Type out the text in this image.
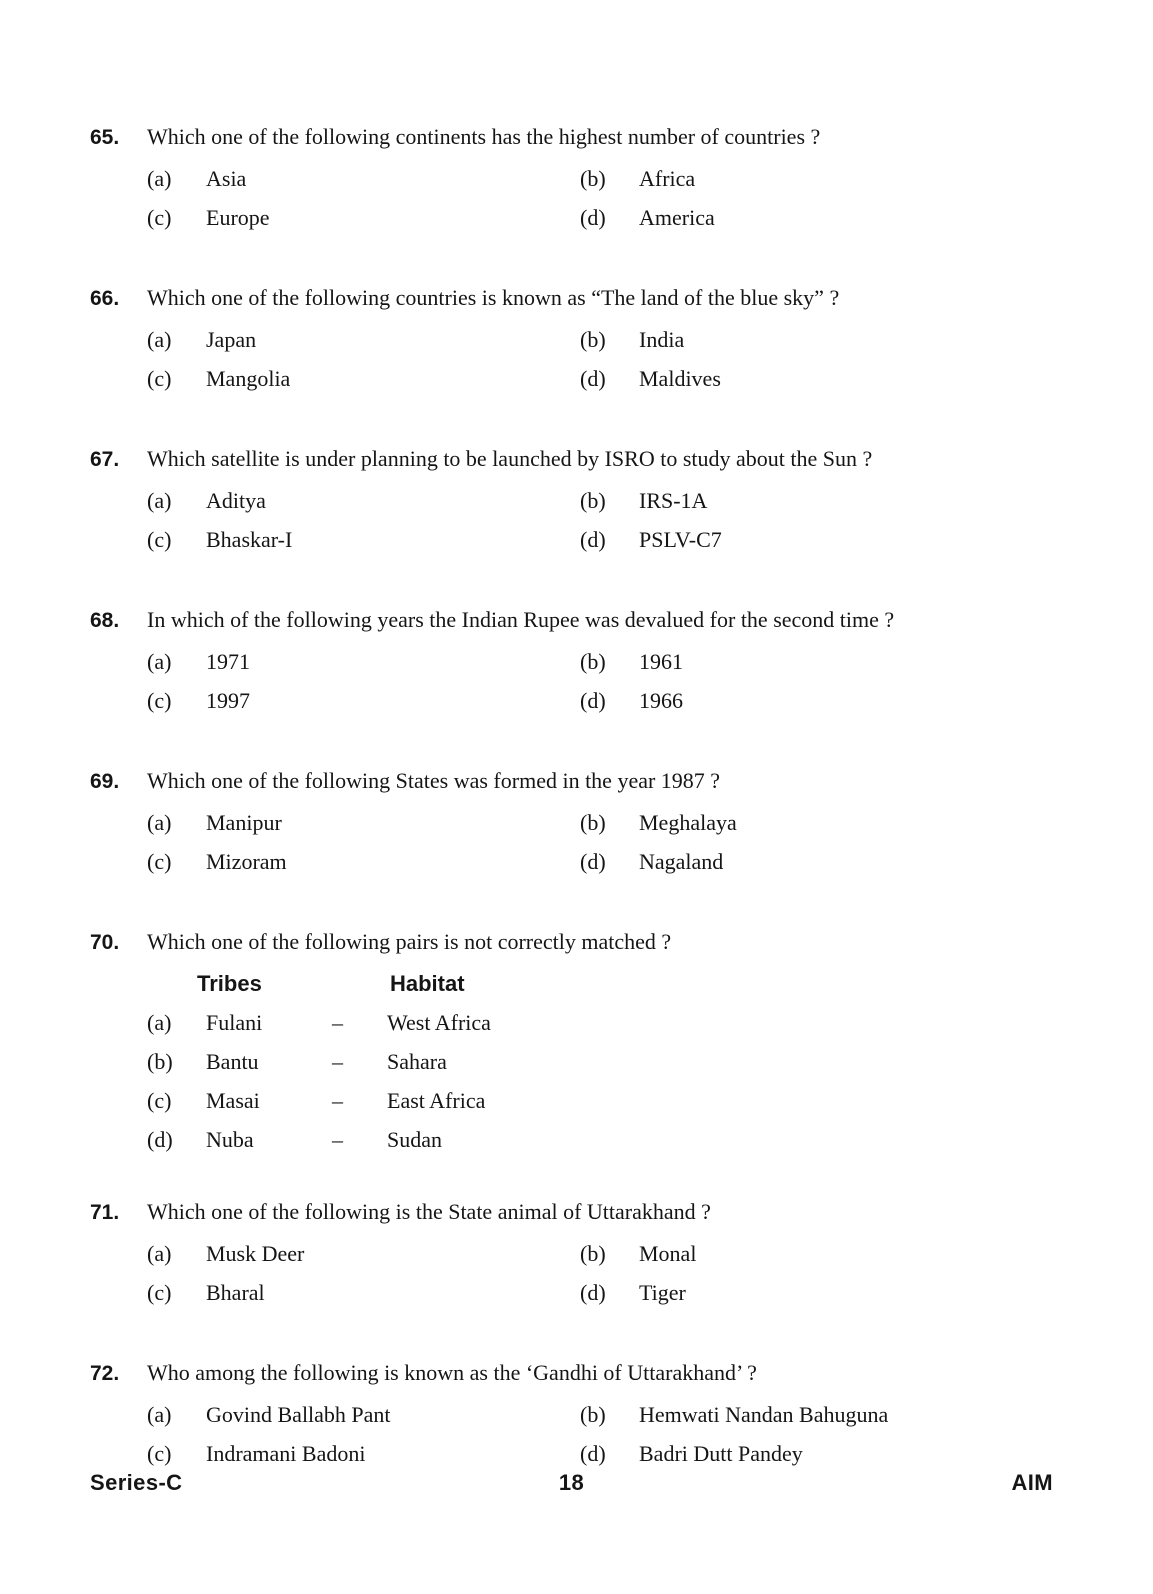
65.	Which one of the following continents has the highest number of countries ?
(a)	Asia	(b)	Africa
(c)	Europe	(d)	America
66.	Which one of the following countries is known as “The land of the blue sky” ?
(a)	Japan	(b)	India
(c)	Mangolia	(d)	Maldives
67.	Which satellite is under planning to be launched by ISRO to study about the Sun ?
(a)	Aditya	(b)	IRS-1A
(c)	Bhaskar-I	(d)	PSLV-C7
68.	In which of the following years the Indian Rupee was devalued for the second time ?
(a)	1971	(b)	1961
(c)	1997	(d)	1966
69.	Which one of the following States was formed in the year 1987 ?
(a)	Manipur	(b)	Meghalaya
(c)	Mizoram	(d)	Nagaland
70.	Which one of the following pairs is not correctly matched ?
Tribes	Habitat
(a)	Fulani	–	West Africa
(b)	Bantu	–	Sahara
(c)	Masai	–	East Africa
(d)	Nuba	–	Sudan
71.	Which one of the following is the State animal of Uttarakhand ?
(a)	Musk Deer	(b)	Monal
(c)	Bharal	(d)	Tiger
72.	Who among the following is known as the ‘Gandhi of Uttarakhand’ ?
(a)	Govind Ballabh Pant	(b)	Hemwati Nandan Bahuguna
(c)	Indramani Badoni	(d)	Badri Dutt Pandey
Series-C	18	AIM
